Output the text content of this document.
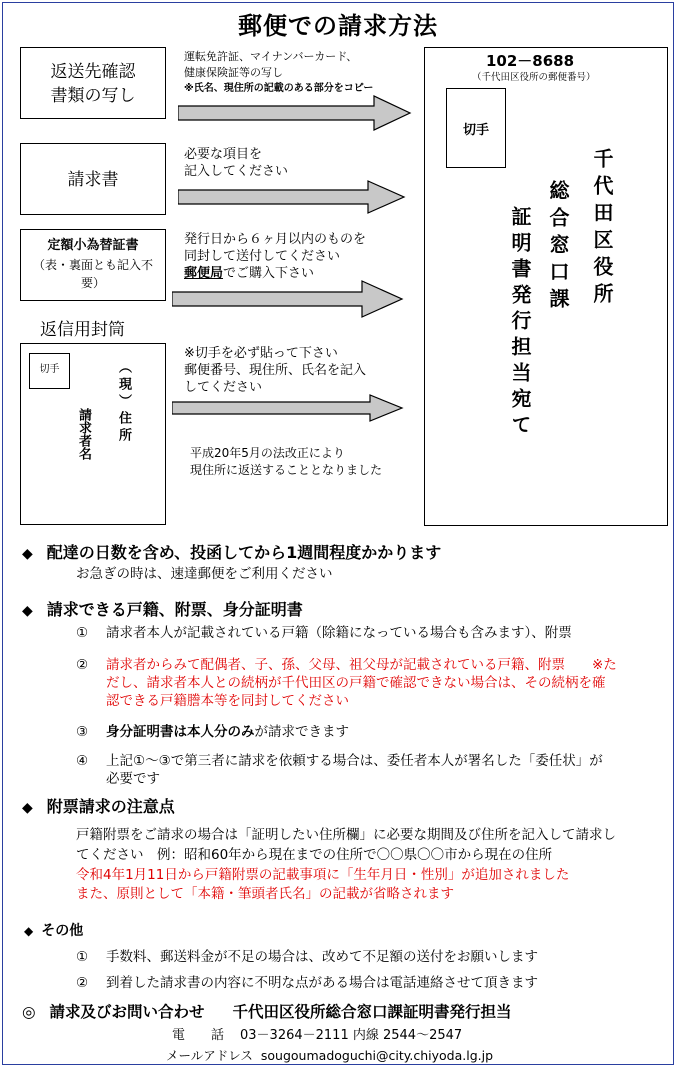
郵便での請求方法
返送先確認
書類の写し
運転免許証、マイナンバーカード、
健康保険証等の写し
※氏名、現住所の記載のある部分をコピー
請求書
必要な項目を
記入してください
定額小為替証書
（表・裏面とも記入不
要）
発行日から６ヶ月以内のものを
同封して送付してください
郵便局でご購入下さい
返信用封筒
切手	（現）住所
請求者名
※切手を必ず貼って下さい
郵便番号、現住所、氏名を記入
してください
平成20年5月の法改正により
現住所に返送することとなりました
102－8688
（千代田区役所の郵便番号）
切手
千代田区役所
総合窓口課
証明書発行担当宛て
◆ 配達の日数を含め、投函してから1週間程度かかります
お急ぎの時は、速達郵便をご利用ください
◆ 請求できる戸籍、附票、身分証明書
① 請求者本人が記載されている戸籍（除籍になっている場合も含みます）、附票
② 請求者からみて配偶者、子、孫、父母、祖父母が記載されている戸籍、附票　　※た
だし、請求者本人との続柄が千代田区の戸籍で確認できない場合は、その続柄を確
認できる戸籍謄本等を同封してください
③ 身分証明書は本人分のみが請求できます
④ 上記①～③で第三者に請求を依頼する場合は、委任者本人が署名した「委任状」が
必要です
◆ 附票請求の注意点
戸籍附票をご請求の場合は「証明したい住所欄」に必要な期間及び住所を記入して請求し
てください　例：昭和60年から現在までの住所で〇〇県〇〇市から現在の住所
令和4年1月11日から戸籍附票の記載事項に「生年月日・性別」が追加されました
また、原則として「本籍・筆頭者氏名」の記載が省略されます
◆ その他
① 手数料、郵送料金が不足の場合は、改めて不足額の送付をお願いします
② 到着した請求書の内容に不明な点がある場合は電話連絡させて頂きます
◎ 請求及びお問い合わせ 千代田区役所総合窓口課証明書発行担当
電　　話 03－3264－2111 内線 2544～2547
メールアドレス sougoumadoguchi@city.chiyoda.lg.jp
